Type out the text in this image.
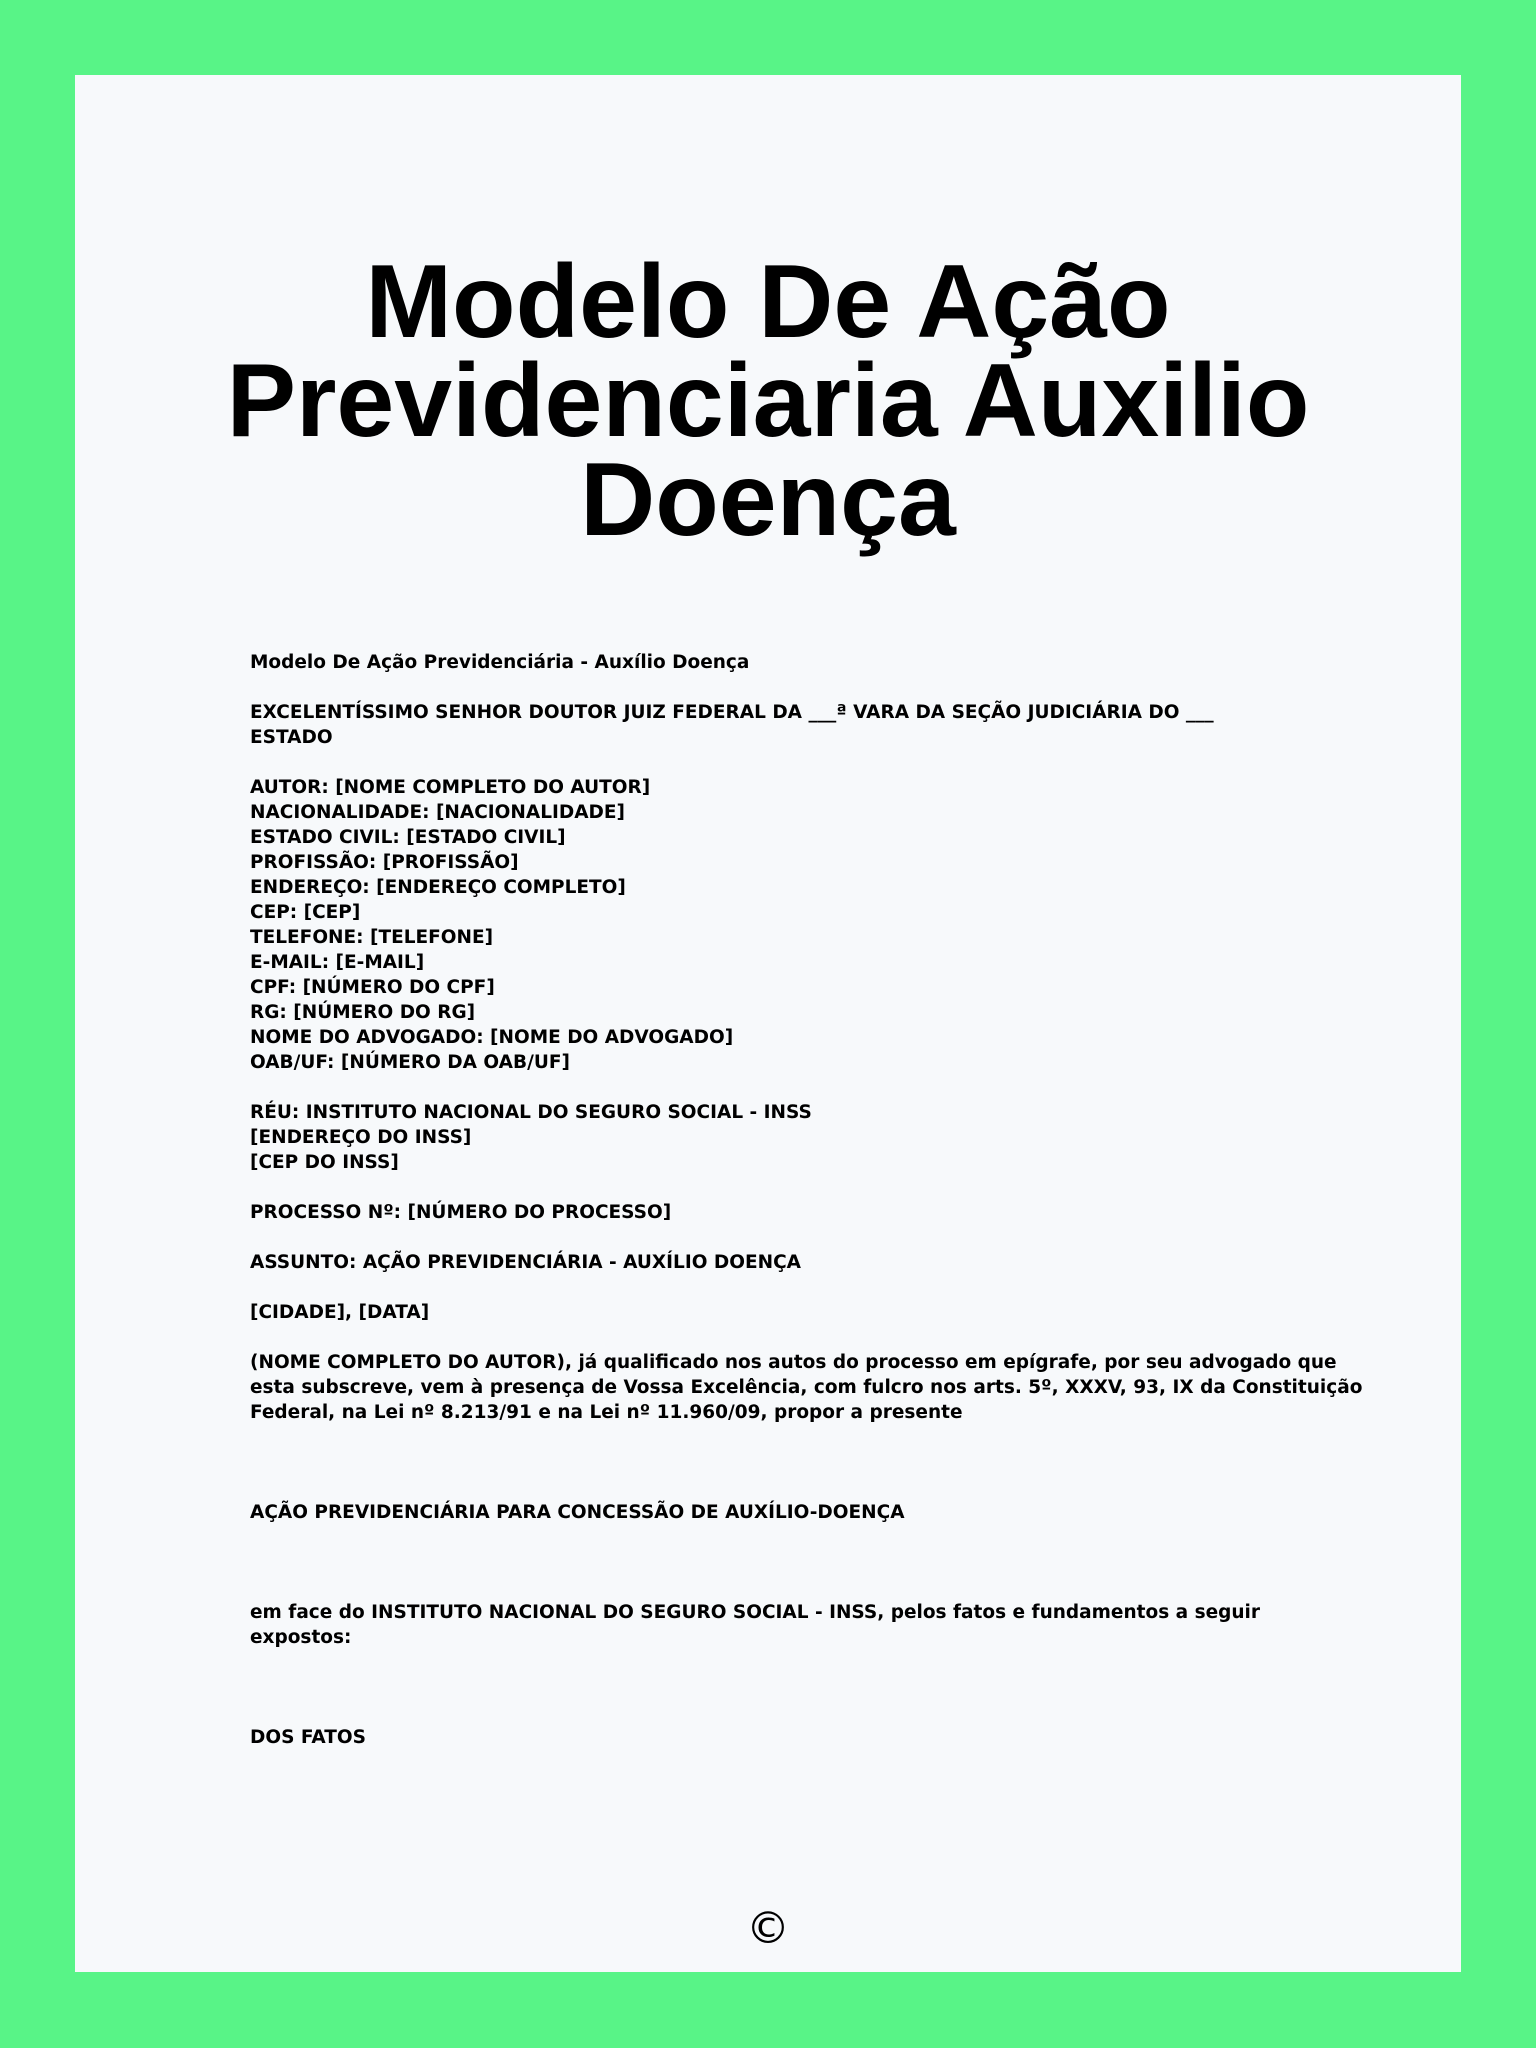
Modelo De Ação
Previdenciaria Auxilio
Doença

Modelo De Ação Previdenciária - Auxílio Doença

EXCELENTÍSSIMO SENHOR DOUTOR JUIZ FEDERAL DA ___ª VARA DA SEÇÃO JUDICIÁRIA DO ___
ESTADO
AUTOR: [NOME COMPLETO DO AUTOR]
NACIONALIDADE: [NACIONALIDADE]
ESTADO CIVIL: [ESTADO CIVIL]
PROFISSÃO: [PROFISSÃO]
ENDEREÇO: [ENDEREÇO COMPLETO]
CEP: [CEP]
TELEFONE: [TELEFONE]
E-MAIL: [E-MAIL]
CPF: [NÚMERO DO CPF]
RG: [NÚMERO DO RG]
NOME DO ADVOGADO: [NOME DO ADVOGADO]
OAB/UF: [NÚMERO DA OAB/UF]
RÉU: INSTITUTO NACIONAL DO SEGURO SOCIAL - INSS
[ENDEREÇO DO INSS]
[CEP DO INSS]

PROCESSO Nº: [NÚMERO DO PROCESSO]

ASSUNTO: AÇÃO PREVIDENCIÁRIA - AUXÍLIO DOENÇA

[CIDADE], [DATA]

(NOME COMPLETO DO AUTOR), já qualificado nos autos do processo em epígrafe, por seu advogado que
esta subscreve, vem à presença de Vossa Excelência, com fulcro nos arts. 5º, XXXV, 93, IX da Constituição
Federal, na Lei nº 8.213/91 e na Lei nº 11.960/09, propor a presente

AÇÃO PREVIDENCIÁRIA PARA CONCESSÃO DE AUXÍLIO-DOENÇA

em face do INSTITUTO NACIONAL DO SEGURO SOCIAL - INSS, pelos fatos e fundamentos a seguir
expostos:

DOS FATOS

©
